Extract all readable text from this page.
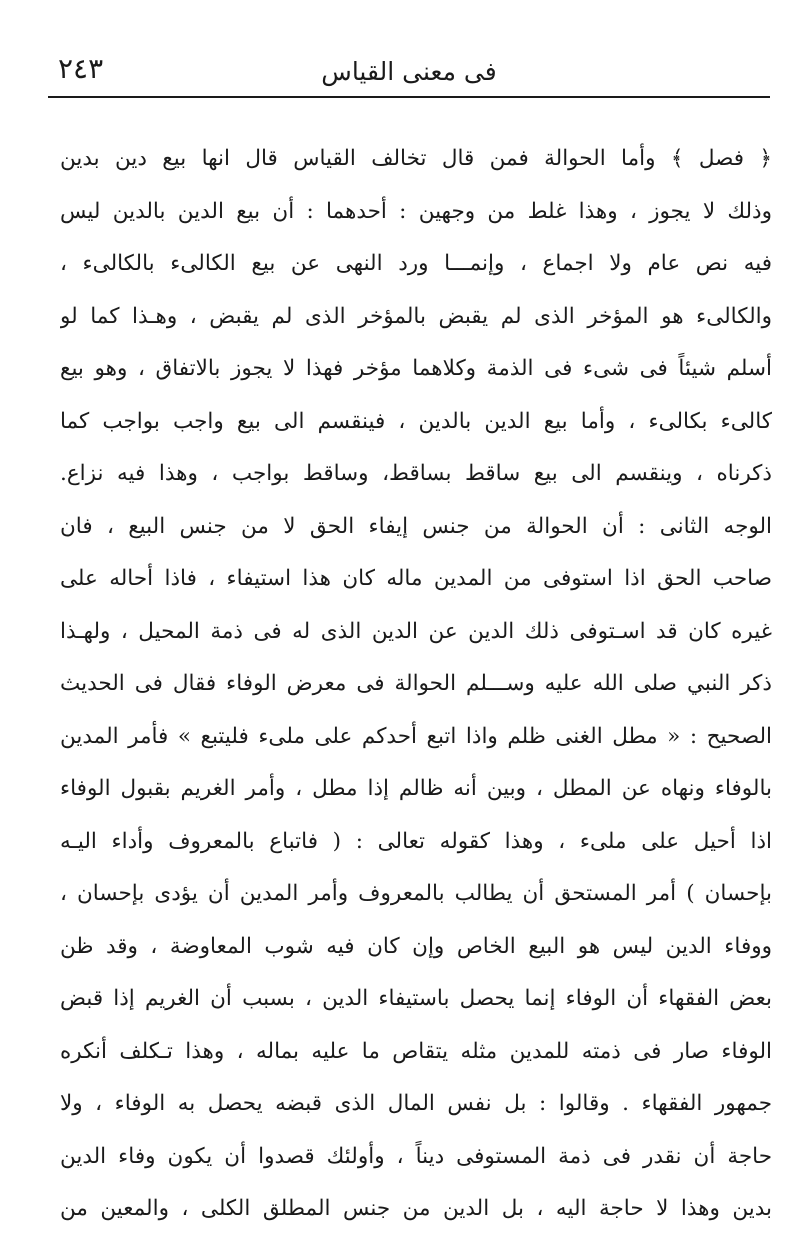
فى معنى القياس
٢٤٣
﴿ فصل ﴾ وأما الحوالة فمن قال تخالف القياس قال انها بيع دين بدين
وذلك لا يجوز ، وهذا غلط من وجهين : أحدهما : أن بيع الدين بالدين ليس
فيه نص عام ولا اجماع ، وإنمـــا ورد النهى عن بيع الكالىء بالكالىء ،
والكالىء هو المؤخر الذى لم يقبض بالمؤخر الذى لم يقبض ، وهـذا كما لو
أسلم شيئاً فى شىء فى الذمة وكلاهما مؤخر فهذا لا يجوز بالاتفاق ، وهو بيع
كالىء بكالىء ، وأما بيع الدين بالدين ، فينقسم الى بيع واجب بواجب كما
ذكرناه ، وينقسم الى بيع ساقط بساقط، وساقط بواجب ، وهذا فيه نزاع.
الوجه الثانى : أن الحوالة من جنس إيفاء الحق لا من جنس البيع ، فان
صاحب الحق اذا استوفى من المدين ماله كان هذا استيفاء ، فاذا أحاله على
غيره كان قد اسـتوفى ذلك الدين عن الدين الذى له فى ذمة المحيل ، ولهـذا
ذكر النبي صلى الله عليه وســـلم الحوالة فى معرض الوفاء فقال فى الحديث
الصحيح : « مطل الغنى ظلم واذا اتبع أحدكم على ملىء فليتبع » فأمر المدين
بالوفاء ونهاه عن المطل ، وبين أنه ظالم إذا مطل ، وأمر الغريم بقبول الوفاء
اذا أحيل على ملىء ، وهذا كقوله تعالى : ( فاتباع بالمعروف وأداء اليـه
بإحسان ) أمر المستحق أن يطالب بالمعروف وأمر المدين أن يؤدى بإحسان ،
ووفاء الدين ليس هو البيع الخاص وإن كان فيه شوب المعاوضة ، وقد ظن
بعض الفقهاء أن الوفاء إنما يحصل باستيفاء الدين ، بسبب أن الغريم إذا قبض
الوفاء صار فى ذمته للمدين مثله يتقاص ما عليه بماله ، وهذا تـكلف أنكره
جمهور الفقهاء . وقالوا : بل نفس المال الذى قبضه يحصل به الوفاء ، ولا
حاجة أن نقدر فى ذمة المستوفى ديناً ، وأولئك قصدوا أن يكون وفاء الدين
بدين وهذا لا حاجة اليه ، بل الدين من جنس المطلق الكلى ، والمعين من
